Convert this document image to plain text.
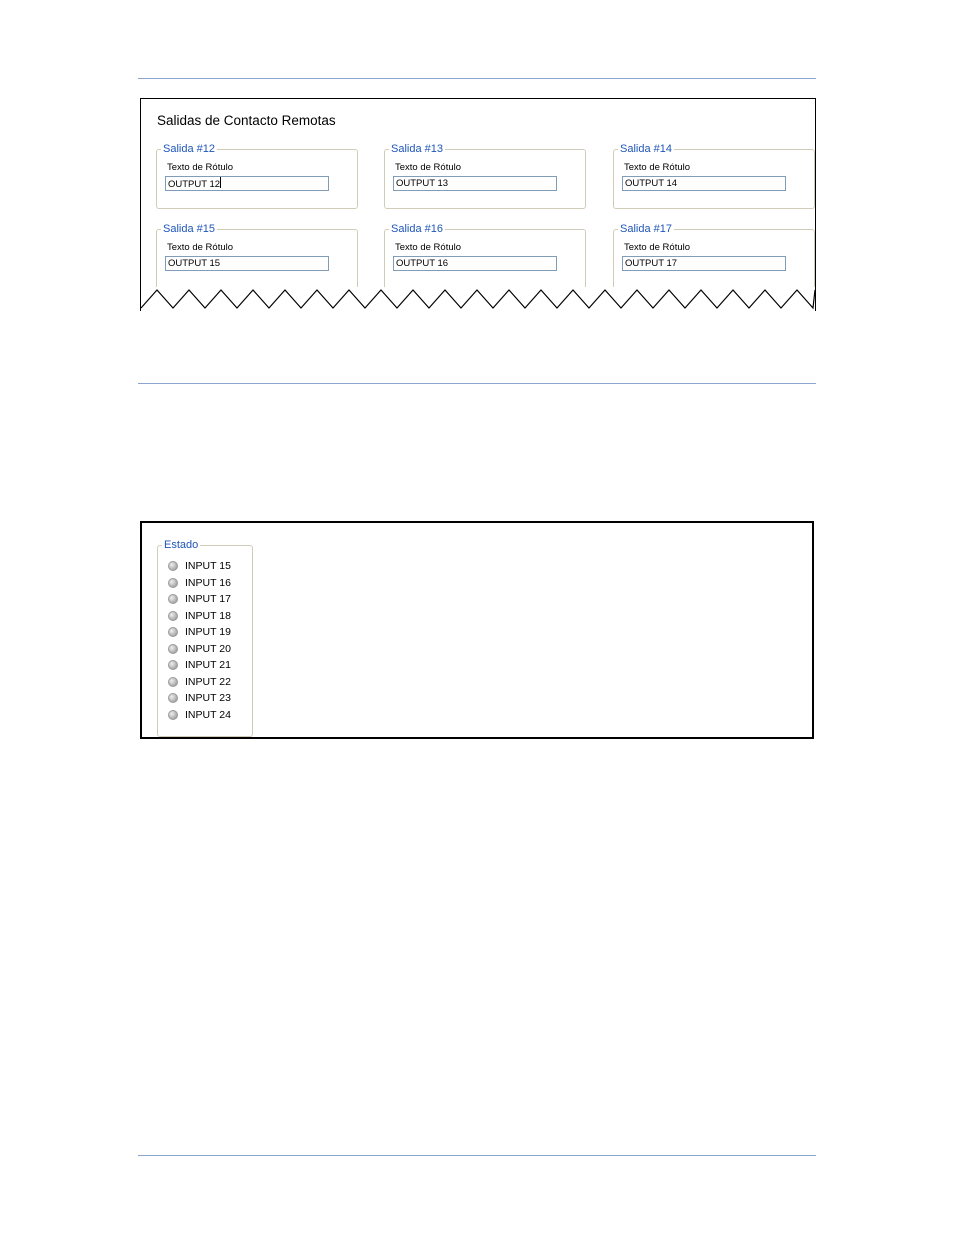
Salidas de Contacto Remotas
Salida #12
Texto de Rótulo
OUTPUT 12
Salida #13
Texto de Rótulo
OUTPUT 13
Salida #14
Texto de Rótulo
OUTPUT 14
Salida #15
Texto de Rótulo
OUTPUT 15
Salida #16
Texto de Rótulo
OUTPUT 16
Salida #17
Texto de Rótulo
OUTPUT 17
Estado
INPUT 15
INPUT 16
INPUT 17
INPUT 18
INPUT 19
INPUT 20
INPUT 21
INPUT 22
INPUT 23
INPUT 24
